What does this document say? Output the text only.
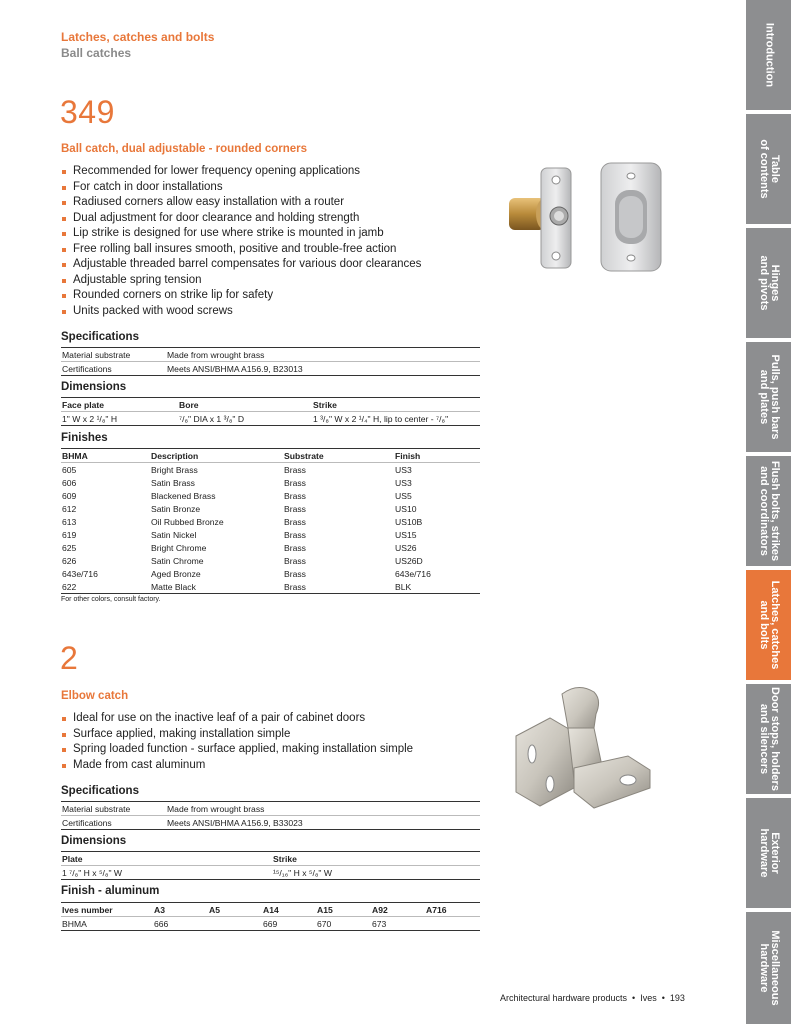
Latches, catches and bolts
Ball catches
349
Ball catch, dual adjustable - rounded corners
Recommended for lower frequency opening applications
For catch in door installations
Radiused corners allow easy installation with a router
Dual adjustment for door clearance and holding strength
Lip strike is designed for use where strike is mounted in jamb
Free rolling ball insures smooth, positive and trouble-free action
Adjustable threaded barrel compensates for various door clearances
Adjustable spring tension
Rounded corners on strike lip for safety
Units packed with wood screws
Specifications
Material substrate	Made from wrought brass
Certifications	Meets ANSI/BHMA A156.9, B23013
Dimensions
Face plate	Bore	Strike
1" W x 2 ¹/₈" H	⁷/₈" DIA x 1 ³/₈" D	1 ³/₈" W x 2 ¹/₄" H, lip to center - ⁷/₈"
Finishes
BHMA	Description	Substrate	Finish
605	Bright Brass	Brass	US3
606	Satin Brass	Brass	US3
609	Blackened Brass	Brass	US5
612	Satin Bronze	Brass	US10
613	Oil Rubbed Bronze	Brass	US10B
619	Satin Nickel	Brass	US15
625	Bright Chrome	Brass	US26
626	Satin Chrome	Brass	US26D
643e/716	Aged Bronze	Brass	643e/716
622	Matte Black	Brass	BLK
For other colors, consult factory.
2
Elbow catch
Ideal for use on the inactive leaf of a pair of cabinet doors
Surface applied, making installation simple
Spring loaded function - surface applied, making installation simple
Made from cast aluminum
Specifications
Material substrate	Made from wrought brass
Certifications	Meets ANSI/BHMA A156.9, B33023
Dimensions
Plate	Strike
1 ⁷/₈" H x ⁵/₈" W	¹⁵/₁₆" H x ⁵/₈" W
Finish - aluminum
Ives number	A3	A5	A14	A15	A92	A716
BHMA	666		669	670	673	
Architectural hardware products  •  Ives  •  193
Introduction
Table
of contents
Hinges
and pivots
Pulls, push bars
and plates
Flush bolts, strikes
and coordinators
Latches, catches
and bolts
Door stops, holders
and silencers
Exterior
hardware
Miscellaneous
hardware
